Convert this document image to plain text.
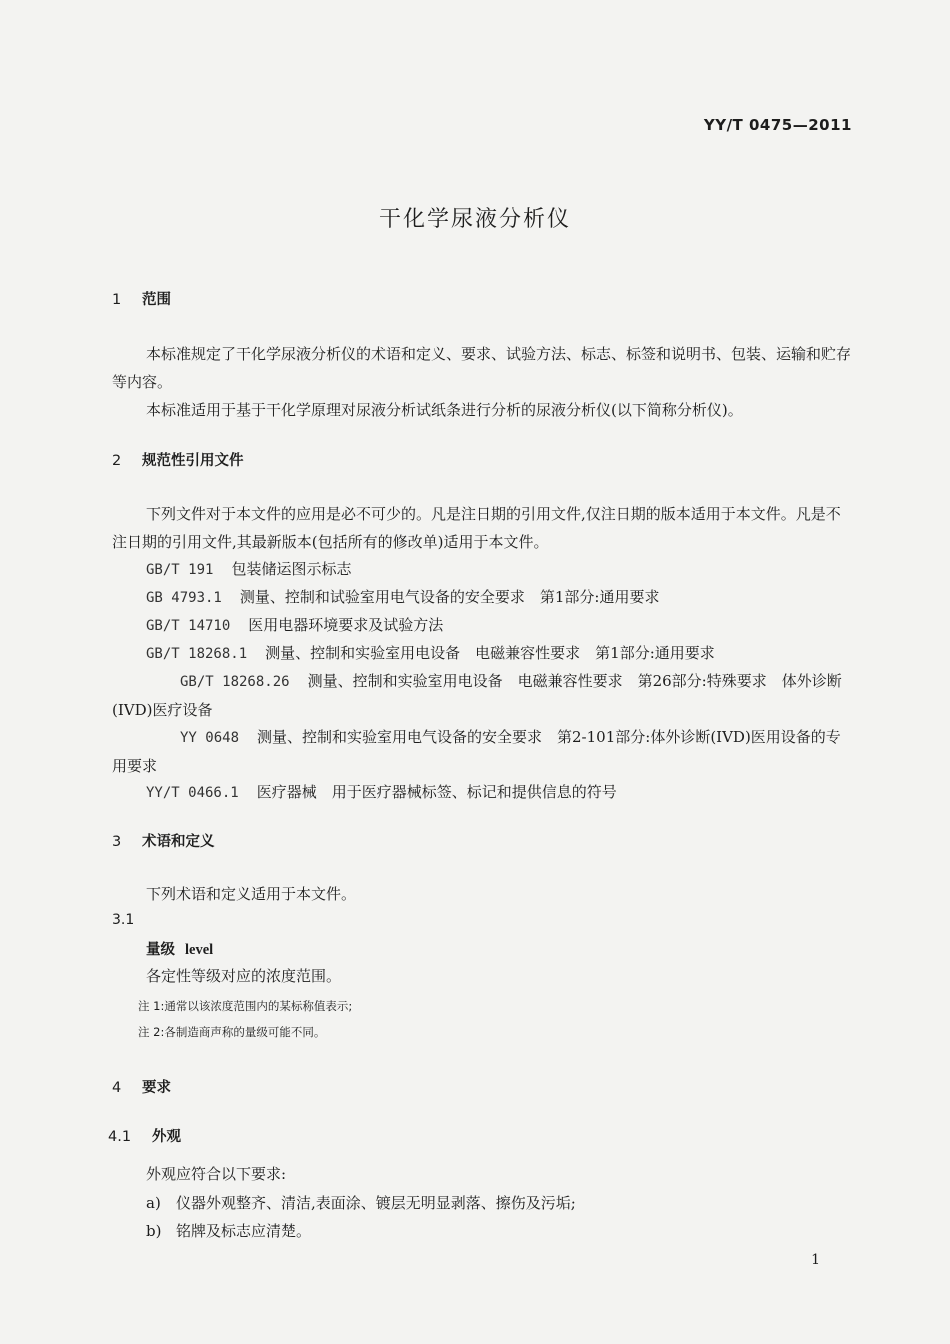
YY/T 0475—2011
干化学尿液分析仪
1 范围
本标准规定了干化学尿液分析仪的术语和定义、要求、试验方法、标志、标签和说明书、包装、运输和贮存等内容。
本标准适用于基于干化学原理对尿液分析试纸条进行分析的尿液分析仪(以下简称分析仪)。
2 规范性引用文件
下列文件对于本文件的应用是必不可少的。凡是注日期的引用文件,仅注日期的版本适用于本文件。凡是不注日期的引用文件,其最新版本(包括所有的修改单)适用于本文件。
GB/T 191 包装储运图示标志
GB 4793.1 测量、控制和试验室用电气设备的安全要求　第1部分:通用要求
GB/T 14710 医用电器环境要求及试验方法
GB/T 18268.1 测量、控制和实验室用电设备　电磁兼容性要求　第1部分:通用要求
GB/T 18268.26 测量、控制和实验室用电设备　电磁兼容性要求　第26部分:特殊要求　体外诊断(IVD)医疗设备
YY 0648 测量、控制和实验室用电气设备的安全要求　第2-101部分:体外诊断(IVD)医用设备的专用要求
YY/T 0466.1 医疗器械　用于医疗器械标签、标记和提供信息的符号
3 术语和定义
下列术语和定义适用于本文件。
3.1
量级 level
各定性等级对应的浓度范围。
注 1:通常以该浓度范围内的某标称值表示;
注 2:各制造商声称的量级可能不同。
4 要求
4.1 外观
外观应符合以下要求:
a) 仪器外观整齐、清洁,表面涂、镀层无明显剥落、擦伤及污垢;
b) 铭牌及标志应清楚。
1
